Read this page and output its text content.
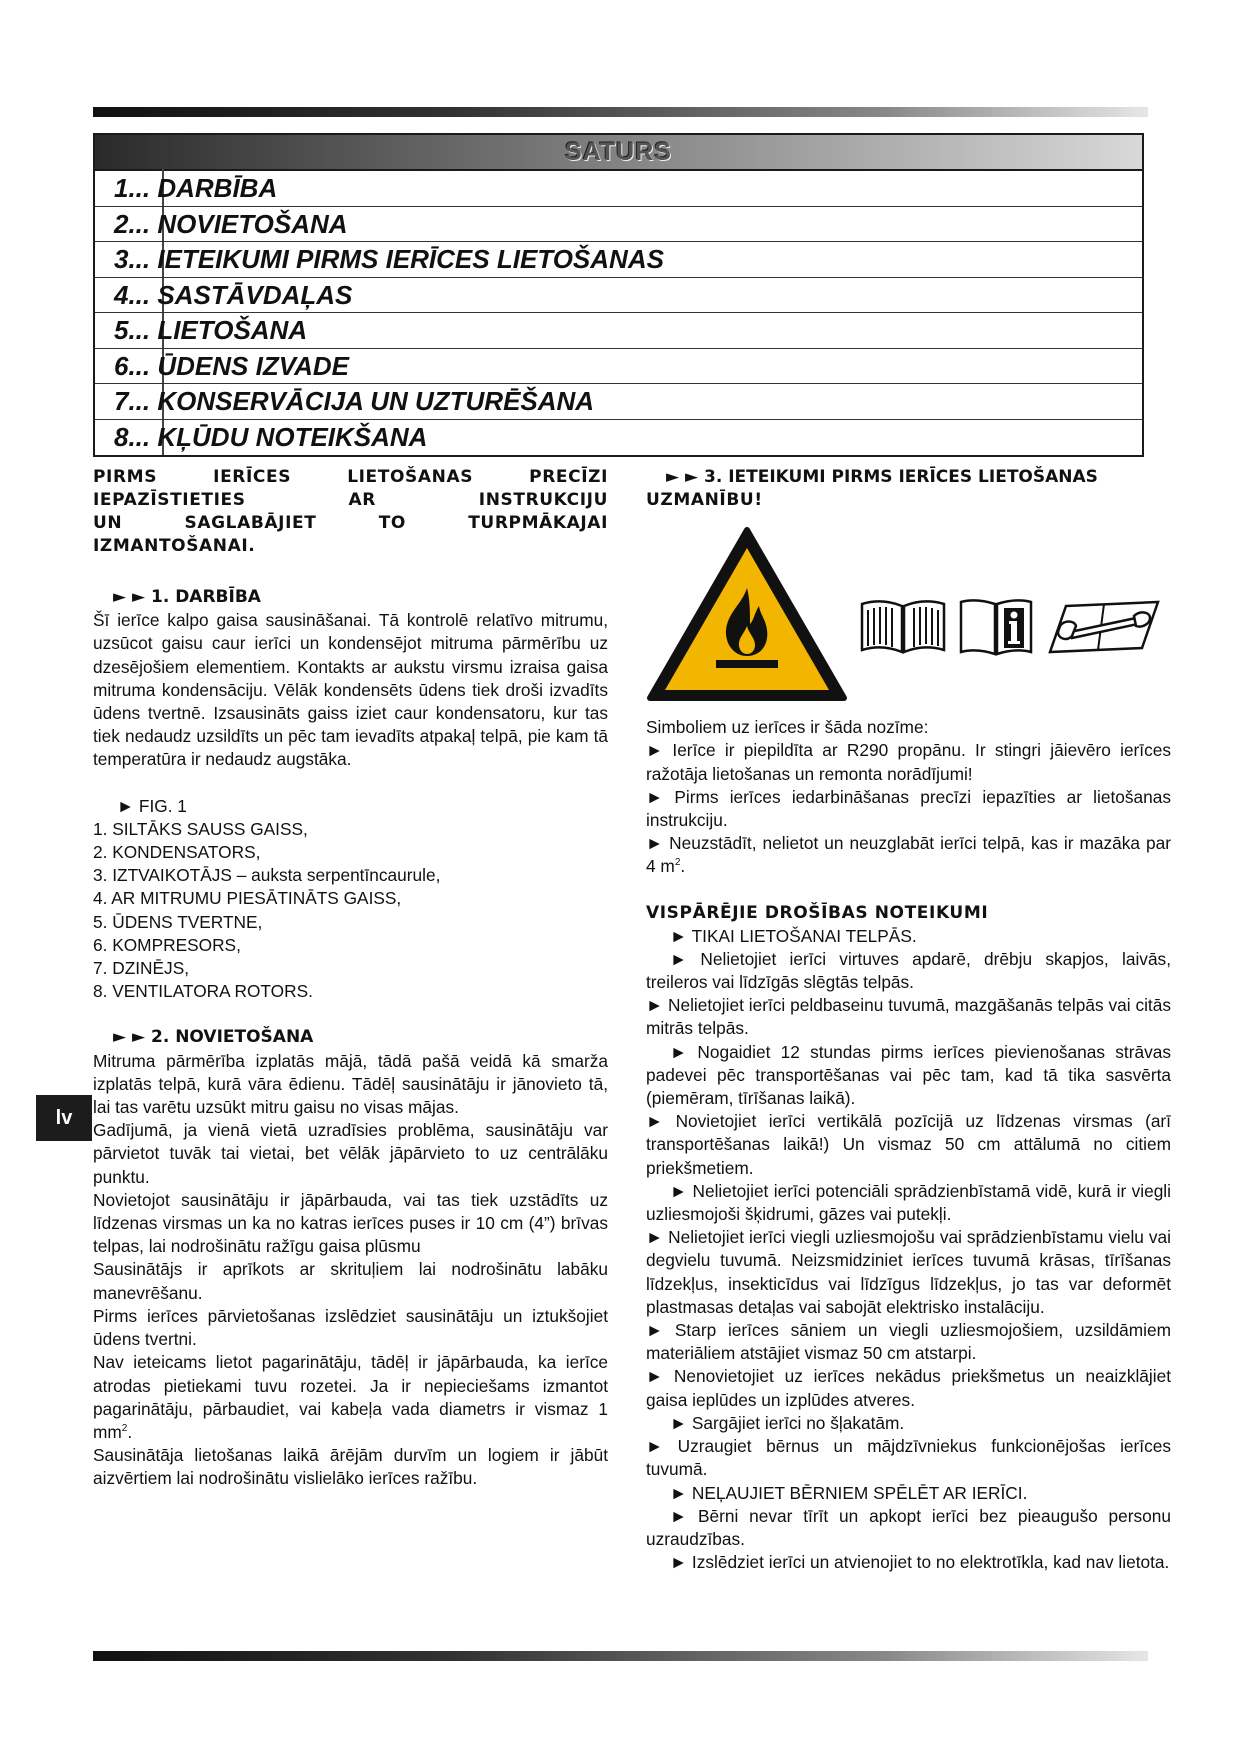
SATURS
1... DARBĪBA
2... NOVIETOŠANA
3... IETEIKUMI PIRMS IERĪCES LIETOŠANAS
4... SASTĀVDAĻAS
5... LIETOŠANA
6... ŪDENS IZVADE
7... KONSERVĀCIJA UN UZTURĒŠANA
8... KĻŪDU NOTEIKŠANA
lv
PIRMS IERĪCES LIETOŠANAS PRECĪZI
IEPAZĪSTIETIES AR INSTRUKCIJU
UN SAGLABĀJIET TO TURPMĀKAJAI
IZMANTOŠANAI.
► ► 1. DARBĪBA

Šī ierīce kalpo gaisa sausināšanai. Tā kontrolē relatīvo mitrumu, uzsūcot gaisu caur ierīci un kondensējot mitruma pārmērību uz dzesējošiem elementiem. Kontakts ar aukstu virsmu izraisa gaisa mitruma kondensāciju. Vēlāk kondensēts ūdens tiek droši izvadīts ūdens tvertnē. Izsausināts gaiss iziet caur kondensatoru, kur tas tiek nedaudz uzsildīts un pēc tam ievadīts atpakaļ telpā, pie kam tā temperatūra ir nedaudz augstāka.

► FIG. 1
1. SILTĀKS SAUSS GAISS,
2. KONDENSATORS,
3. IZTVAIKOTĀJS – auksta serpentīncaurule,
4. AR MITRUMU PIESĀTINĀTS GAISS,
5. ŪDENS TVERTNE,
6. KOMPRESORS,
7. DZINĒJS,
8. VENTILATORA ROTORS.
► ► 2. NOVIETOŠANA

Mitruma pārmērība izplatās mājā, tādā pašā veidā kā smarža izplatās telpā, kurā vāra ēdienu. Tādēļ sausinātāju ir jānovieto tā, lai tas varētu uzsūkt mitru gaisu no visas mājas.

Gadījumā, ja vienā vietā uzradīsies problēma, sausinātāju var pārvietot tuvāk tai vietai, bet vēlāk jāpārvieto to uz centrālāku punktu.

Novietojot sausinātāju ir jāpārbauda, vai tas tiek uzstādīts uz līdzenas virsmas un ka no katras ierīces puses ir 10 cm (4”) brīvas telpas, lai nodrošinātu ražīgu gaisa plūsmu

Sausinātājs ir aprīkots ar skrituļiem lai nodrošinātu labāku manevrēšanu.

Pirms ierīces pārvietošanas izslēdziet sausinātāju un iztukšojiet ūdens tvertni.

Nav ieteicams lietot pagarinātāju, tādēļ ir jāpārbauda, ka ierīce atrodas pietiekami tuvu rozetei. Ja ir nepieciešams izmantot pagarinātāju, pārbaudiet, vai kabeļa vada diametrs ir vismaz 1 $mm^2$.

Sausinātāja lietošanas laikā ārējām durvīm un logiem ir jābūt aizvērtiem lai nodrošinātu vislielāko ierīces ražību.

► ► 3. IETEIKUMI PIRMS IERĪCES LIETOŠANAS
UZMANĪBU!

Simboliem uz ierīces ir šāda nozīme:

► Ierīce ir piepildīta ar R290 propānu. Ir stingri jāievēro ierīces ražotāja lietošanas un remonta norādījumi!

► Pirms ierīces iedarbināšanas precīzi iepazīties ar lietošanas instrukciju.

► Neuzstādīt, nelietot un neuzglabāt ierīci telpā, kas ir mazāka par 4 $m^2$.

VISPĀRĒJIE DROŠĪBAS NOTEIKUMI

► TIKAI LIETOŠANAI TELPĀS.

► Nelietojiet ierīci virtuves apdarē, drēbju skapjos, laivās, treileros vai līdzīgās slēgtās telpās.

► Nelietojiet ierīci peldbaseinu tuvumā, mazgāšanās telpās vai citās mitrās telpās.

► Nogaidiet 12 stundas pirms ierīces pievienošanas strāvas padevei pēc transportēšanas vai pēc tam, kad tā tika sasvērta (piemēram, tīrīšanas laikā).

► Novietojiet ierīci vertikālā pozīcijā uz līdzenas virsmas (arī transportēšanas laikā!) Un vismaz 50 cm attālumā no citiem priekšmetiem.

► Nelietojiet ierīci potenciāli sprādzienbīstamā vidē, kurā ir viegli uzliesmojoši šķidrumi, gāzes vai putekļi.

► Nelietojiet ierīci viegli uzliesmojošu vai sprādzienbīstamu vielu vai degvielu tuvumā. Neizsmidziniet ierīces tuvumā krāsas, tīrīšanas līdzekļus, insekticīdus vai līdzīgus līdzekļus, jo tas var deformēt plastmasas detaļas vai sabojāt elektrisko instalāciju.

► Starp ierīces sāniem un viegli uzliesmojošiem, uzsildāmiem materiāliem atstājiet vismaz 50 cm atstarpi.

► Nenovietojiet uz ierīces nekādus priekšmetus un neaizklājiet gaisa ieplūdes un izplūdes atveres.

► Sargājiet ierīci no šļakatām.

► Uzraugiet bērnus un mājdzīvniekus funkcionējošas ierīces tuvumā.

► NEĻAUJIET BĒRNIEM SPĒLĒT AR IERĪCI.

► Bērni nevar tīrīt un apkopt ierīci bez pieaugušo personu uzraudzības.

► Izslēdziet ierīci un atvienojiet to no elektrotīkla, kad nav lietota.
